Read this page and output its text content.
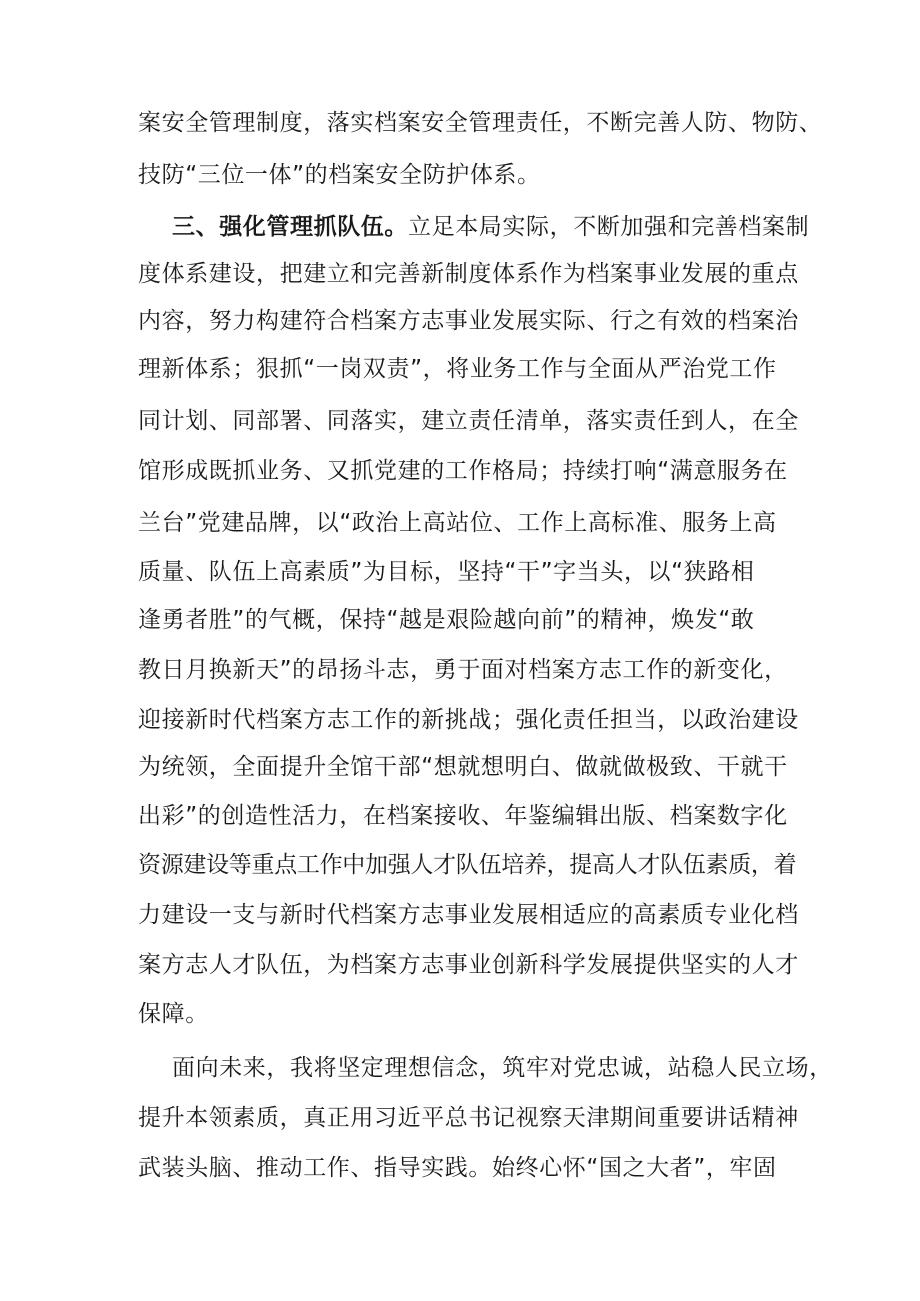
案安全管理制度，落实档案安全管理责任，不断完善人防、物防、
技防“三位一体”的档案安全防护体系。
三、强化管理抓队伍。立足本局实际，不断加强和完善档案制
度体系建设，把建立和完善新制度体系作为档案事业发展的重点
内容，努力构建符合档案方志事业发展实际、行之有效的档案治
理新体系；狠抓“一岗双责”，将业务工作与全面从严治党工作
同计划、同部署、同落实，建立责任清单，落实责任到人，在全
馆形成既抓业务、又抓党建的工作格局；持续打响“满意服务在
兰台”党建品牌，以“政治上高站位、工作上高标准、服务上高
质量、队伍上高素质”为目标，坚持“干”字当头，以“狭路相
逢勇者胜”的气概，保持“越是艰险越向前”的精神，焕发“敢
教日月换新天”的昂扬斗志，勇于面对档案方志工作的新变化，
迎接新时代档案方志工作的新挑战；强化责任担当，以政治建设
为统领，全面提升全馆干部“想就想明白、做就做极致、干就干
出彩”的创造性活力，在档案接收、年鉴编辑出版、档案数字化
资源建设等重点工作中加强人才队伍培养，提高人才队伍素质，着
力建设一支与新时代档案方志事业发展相适应的高素质专业化档
案方志人才队伍，为档案方志事业创新科学发展提供坚实的人才
保障。
面向未来，我将坚定理想信念，筑牢对党忠诚，站稳人民立场，
提升本领素质，真正用习近平总书记视察天津期间重要讲话精神
武装头脑、推动工作、指导实践。始终心怀“国之大者”，牢固
